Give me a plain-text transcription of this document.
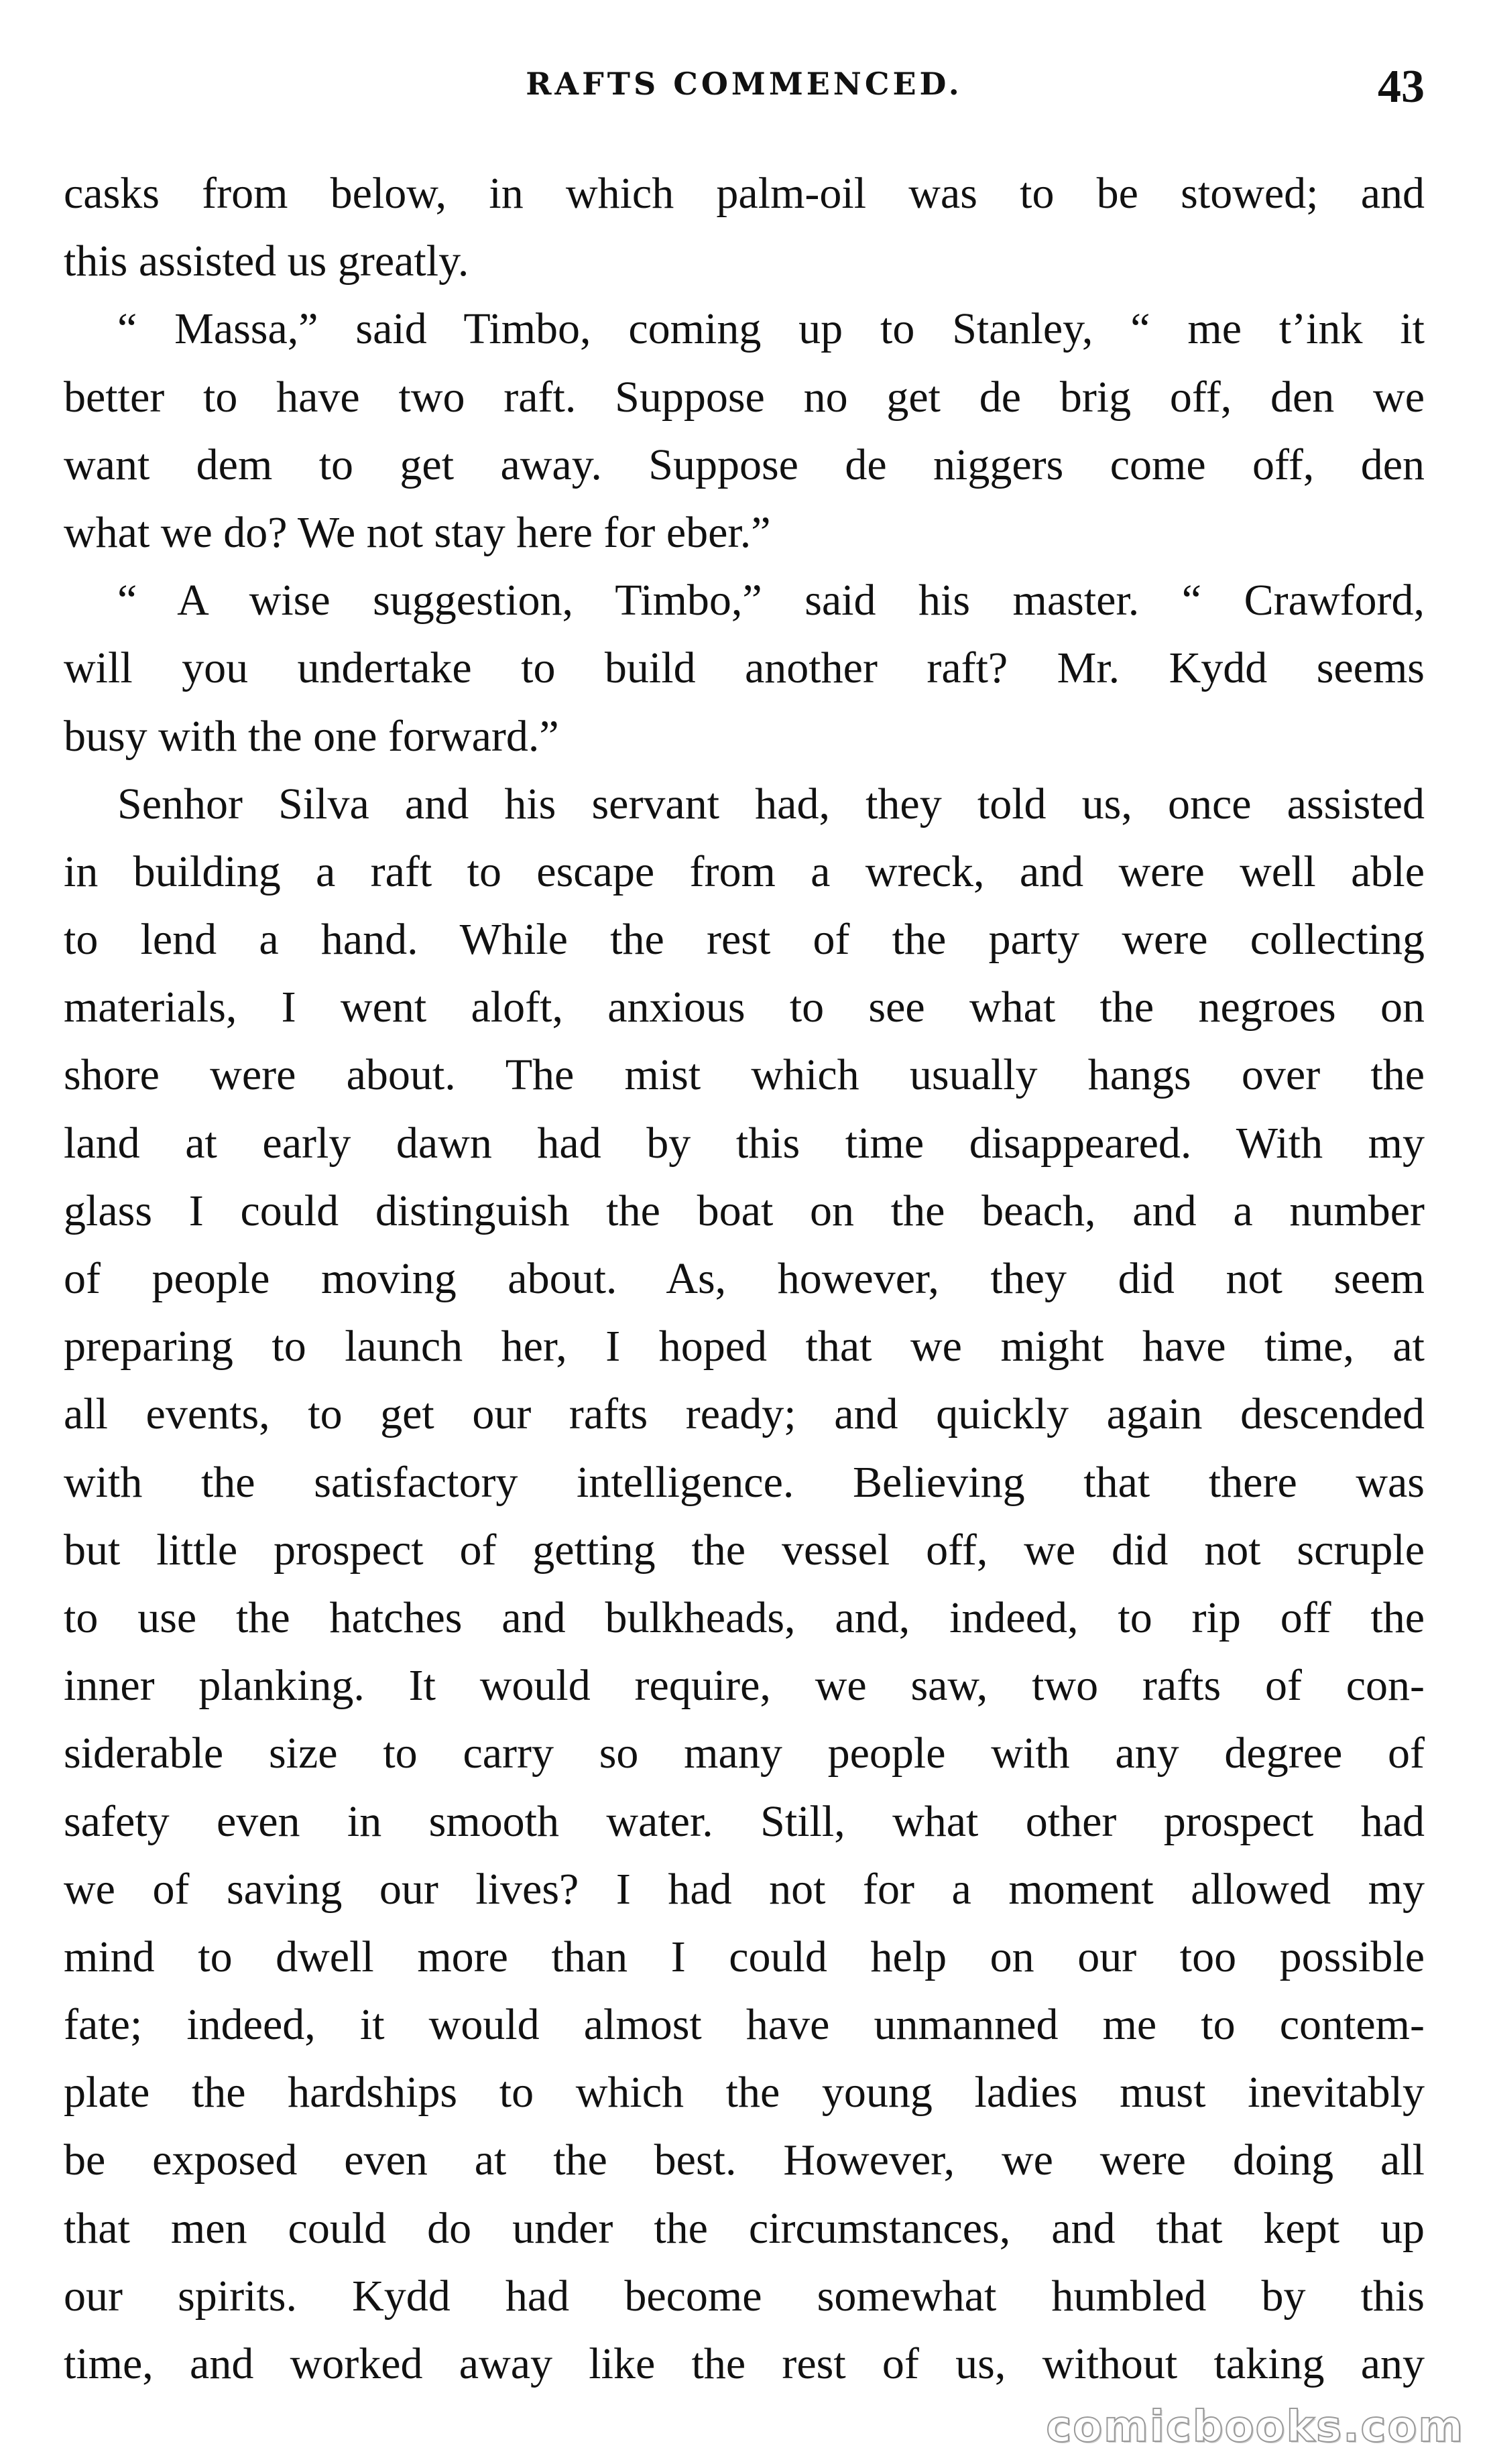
RAFTS COMMENCED.	43
casks from below, in which palm-oil was to be stowed; and
this assisted us greatly.
“ Massa,” said Timbo, coming up to Stanley, “ me t’ink it
better to have two raft. Suppose no get de brig off, den we
want dem to get away. Suppose de niggers come off, den
what we do? We not stay here for eber.”
“ A wise suggestion, Timbo,” said his master. “ Crawford,
will you undertake to build another raft? Mr. Kydd seems
busy with the one forward.”
Senhor Silva and his servant had, they told us, once assisted
in building a raft to escape from a wreck, and were well able
to lend a hand. While the rest of the party were collecting
materials, I went aloft, anxious to see what the negroes on
shore were about. The mist which usually hangs over the
land at early dawn had by this time disappeared. With my
glass I could distinguish the boat on the beach, and a number
of people moving about. As, however, they did not seem
preparing to launch her, I hoped that we might have time, at
all events, to get our rafts ready; and quickly again descended
with the satisfactory intelligence. Believing that there was
but little prospect of getting the vessel off, we did not scruple
to use the hatches and bulkheads, and, indeed, to rip off the
inner planking. It would require, we saw, two rafts of con-
siderable size to carry so many people with any degree of
safety even in smooth water. Still, what other prospect had
we of saving our lives? I had not for a moment allowed my
mind to dwell more than I could help on our too possible
fate; indeed, it would almost have unmanned me to contem-
plate the hardships to which the young ladies must inevitably
be exposed even at the best. However, we were doing all
that men could do under the circumstances, and that kept up
our spirits. Kydd had become somewhat humbled by this
time, and worked away like the rest of us, without taking any
comicbooks.com
